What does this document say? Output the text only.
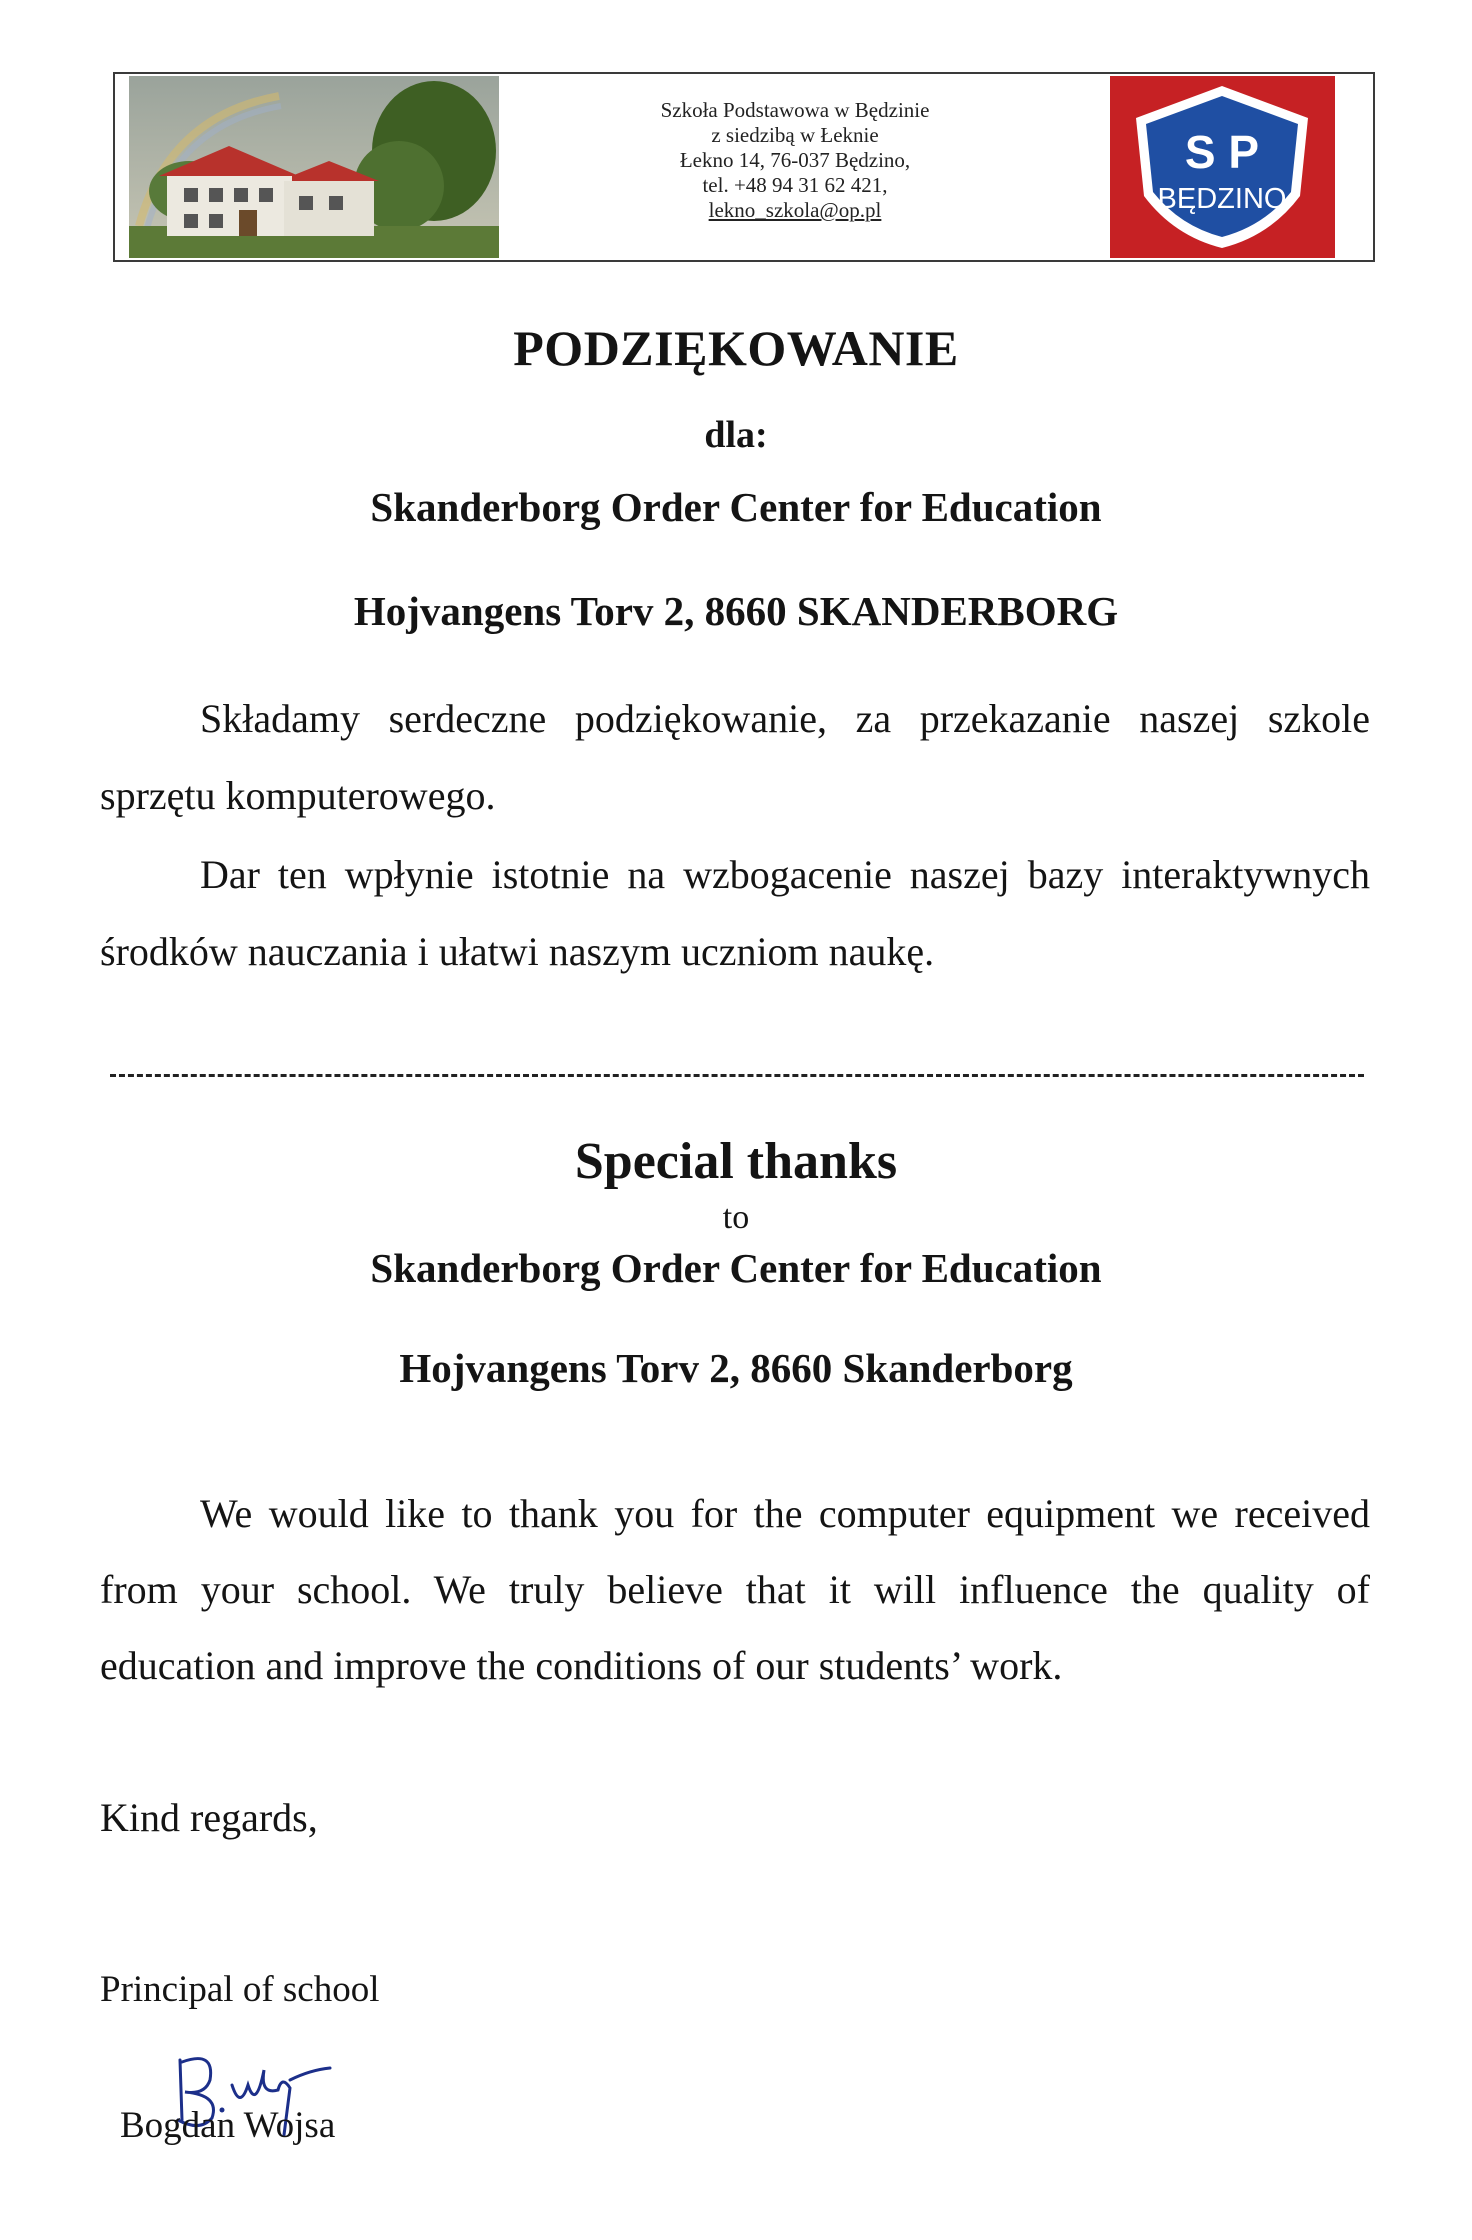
Szkoła Podstawowa w Będzinie
z siedzibą w Łeknie
Łekno 14, 76-037 Będzino,
tel. +48 94 31 62 421,
lekno_szkola@op.pl
S P
BĘDZINO
PODZIĘKOWANIE
dla:
Skanderborg Order Center for Education
Hojvangens Torv 2, 8660 SKANDERBORG
Składamy serdeczne podziękowanie, za przekazanie naszej szkole sprzętu komputerowego.
Dar ten wpłynie istotnie na wzbogacenie naszej bazy interaktywnych środków nauczania i ułatwi naszym uczniom naukę.
Special thanks
to
Skanderborg Order Center for Education
Hojvangens Torv 2, 8660 Skanderborg
We would like to thank you for the computer equipment we received from your school. We truly believe that it will influence the quality of education and improve the conditions of our students’ work.
Kind regards,
Principal of school
Bogdan Wojsa
